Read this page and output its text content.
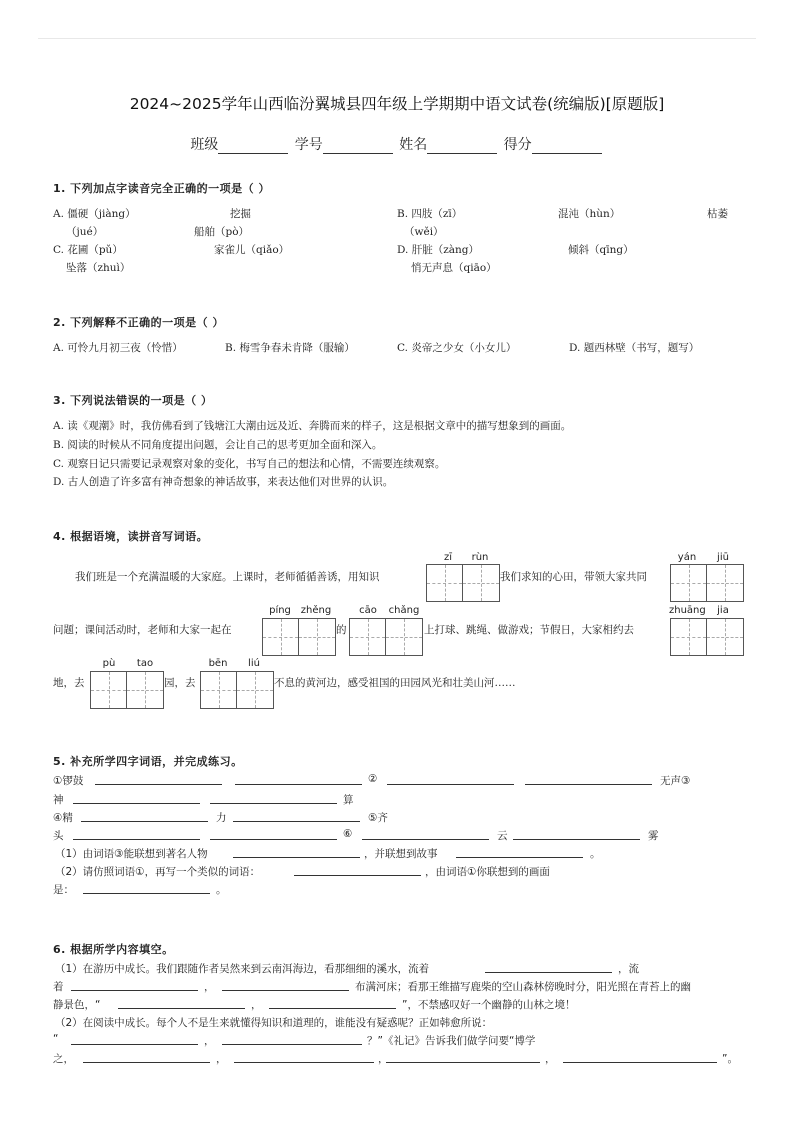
2024~2025学年山西临汾翼城县四年级上学期期中语文试卷(统编版)[原题版]
班级	学号	姓名	得分
1. 下列加点字读音完全正确的一项是（ ）
A. 僵硬（jiàng）	挖掘
（jué）	船舶（pò）
B. 四肢（zī）	混沌（hùn）	枯萎
（wěi）
C. 花圃（pǔ）	家雀儿（qiǎo）
坠落（zhuì）
D. 肝脏（zàng）	倾斜（qīng）
悄无声息（qiāo）
2. 下列解释不正确的一项是（ ）
A. 可怜九月初三夜（怜惜）	B. 梅雪争春未肯降（服输）	C. 炎帝之少女（小女儿）	D. 题西林壁（书写，题写）
3. 下列说法错误的一项是（ ）
A. 读《观潮》时，我仿佛看到了钱塘江大潮由远及近、奔腾而来的样子，这是根据文章中的描写想象到的画面。
B. 阅读的时候从不同角度提出问题，会让自己的思考更加全面和深入。
C. 观察日记只需要记录观察对象的变化，书写自己的想法和心情，不需要连续观察。
D. 古人创造了许多富有神奇想象的神话故事，来表达他们对世界的认识。
4. 根据语境，读拼音写词语。
zī	rùn	yán	jiū
我们班是一个充满温暖的大家庭。上课时，老师循循善诱，用知识	我们求知的心田，带领大家共同
píng zhěng	cāo	chǎng	zhuāng	jia
问题；课间活动时，老师和大家一起在	的	上打球、跳绳、做游戏；节假日，大家相约去
pù	tao	bēn	liú
地，去	园，去	不息的黄河边，感受祖国的田园风光和壮美山河……
5. 补充所学四字词语，并完成练习。
①锣鼓	②	无声③
神	算
④精	力	⑤齐
头	⑥	云	雾
（1）由词语③能联想到著名人物	，并联想到故事	。
（2）请仿照词语①，再写一个类似的词语：	，由词语①你联想到的画面
是：	。
6. 根据所学内容填空。
（1）在游历中成长。我们跟随作者吴然来到云南洱海边，看那细细的溪水，流着	，流
着	，	布满河床；看那王维描写鹿柴的空山森林傍晚时分，阳光照在青苔上的幽
静景色，“	，	”，不禁感叹好一个幽静的山林之境！
（2）在阅读中成长。每个人不是生来就懂得知识和道理的，谁能没有疑惑呢？正如韩愈所说：
“	，	？”《礼记》告诉我们做学问要“博学
之，	，	，	，	”。
